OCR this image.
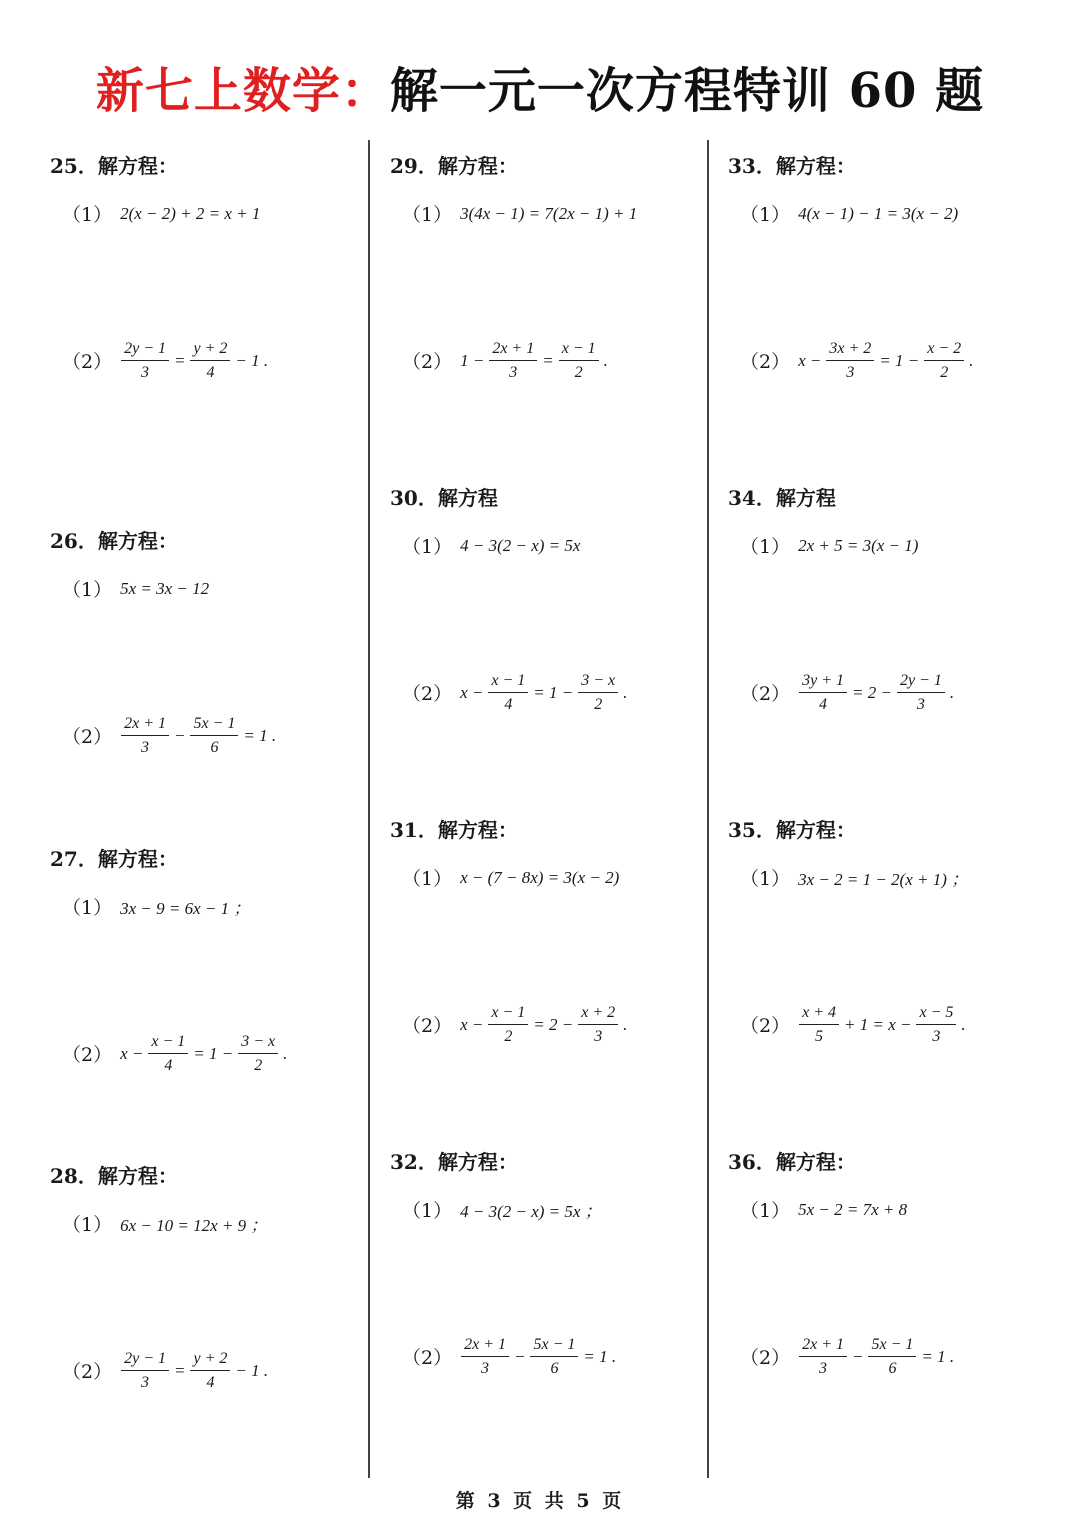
新七上数学：解一元一次方程特训 60 题
25．解方程：
（1） 2(x − 2) + 2 = x + 1
$(2) \frac{2y - 1}{3} = \frac{y + 2}{4} - 1$ .
26．解方程：
（1） 5x = 3x − 12
$(2) \frac{2x + 1}{3} - \frac{5x - 1}{6} = 1$ .
27．解方程：
（1） 3x − 9 = 6x − 1 ；
（2） $x - \frac{x - 1}{4} = 1 - \frac{3 - x}{2}$ .
28．解方程：
（1） 6x − 10 = 12x + 9 ；
$(2) \frac{2y - 1}{3} = \frac{y + 2}{4} - 1$ .
29．解方程：
（1） 3(4x − 1) = 7(2x − 1) + 1
（2） $1 - \frac{2x + 1}{3} = \frac{x - 1}{2}$ .
30．解方程
（1） 4 − 3(2 − x) = 5x
（2） $x - \frac{x - 1}{4} = 1 - \frac{3 - x}{2}$ .
31．解方程：
（1） x − (7 − 8x) = 3(x − 2)
（2） $x - \frac{x - 1}{2} = 2 - \frac{x + 2}{3}$ .
32．解方程：
（1） 4 − 3(2 − x) = 5x ；
$(2) \frac{2x + 1}{3} - \frac{5x - 1}{6} = 1$ .
33．解方程：
（1） 4(x − 1) − 1 = 3(x − 2)
（2） $x - \frac{3x + 2}{3} = 1 - \frac{x - 2}{2}$ .
34．解方程
（1） 2x + 5 = 3(x − 1)
$(2) \frac{3y + 1}{4} = 2 - \frac{2y - 1}{3}$ .
35．解方程：
（1） 3x − 2 = 1 − 2(x + 1) ；
$(2) \frac{x + 4}{5} + 1 = x - \frac{x - 5}{3}$ .
36．解方程：
（1） 5x − 2 = 7x + 8
$(2) \frac{2x + 1}{3} - \frac{5x - 1}{6} = 1$ .
第 3 页 共 5 页
